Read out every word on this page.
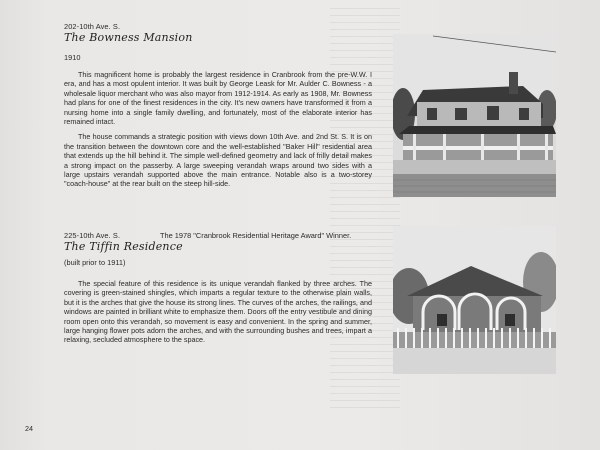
202-10th Ave. S.
The Bowness Mansion
1910

This magnificent home is probably the largest residence in Cranbrook from the pre-W.W. I era, and has a most opulent interior. It was built by George Leask for Mr. Aulder C. Bowness - a wholesale liquor merchant who was also mayor from 1912-1914. As early as 1908, Mr. Bowness had plans for one of the finest residences in the city. It's new owners have transformed it from a nursing home into a single family dwelling, and fortunately, most of the elaborate interior has remained intact.

The house commands a strategic position with views down 10th Ave. and 2nd St. S. It is on the transition between the downtown core and the well-established "Baker Hill" residential area that extends up the hill behind it. The simple well-defined geometry and lack of frilly detail makes a strong impact on the passerby. A large sweeping verandah wraps around two sides with a large upstairs verandah supported above the main entrance. Notable also is a two-storey "coach-house" at the rear built on the steep hill-side.

225-10th Ave. S.	The 1978 "Cranbrook Residential Heritage Award" Winner.
The Tiffin Residence
(built prior to 1911)

The special feature of this residence is its unique verandah flanked by three arches. The covering is green-stained shingles, which imparts a regular texture to the otherwise plain walls, but it is the arches that give the house its strong lines. The curves of the arches, the railings, and windows are painted in brilliant white to emphasize them. Doors off the entry vestibule and dining room open onto this verandah, so movement is easy and convenient. In the spring and summer, large hanging flower pots adorn the arches, and with the surrounding bushes and trees, impart a relaxing, secluded atmosphere to the space.

24
